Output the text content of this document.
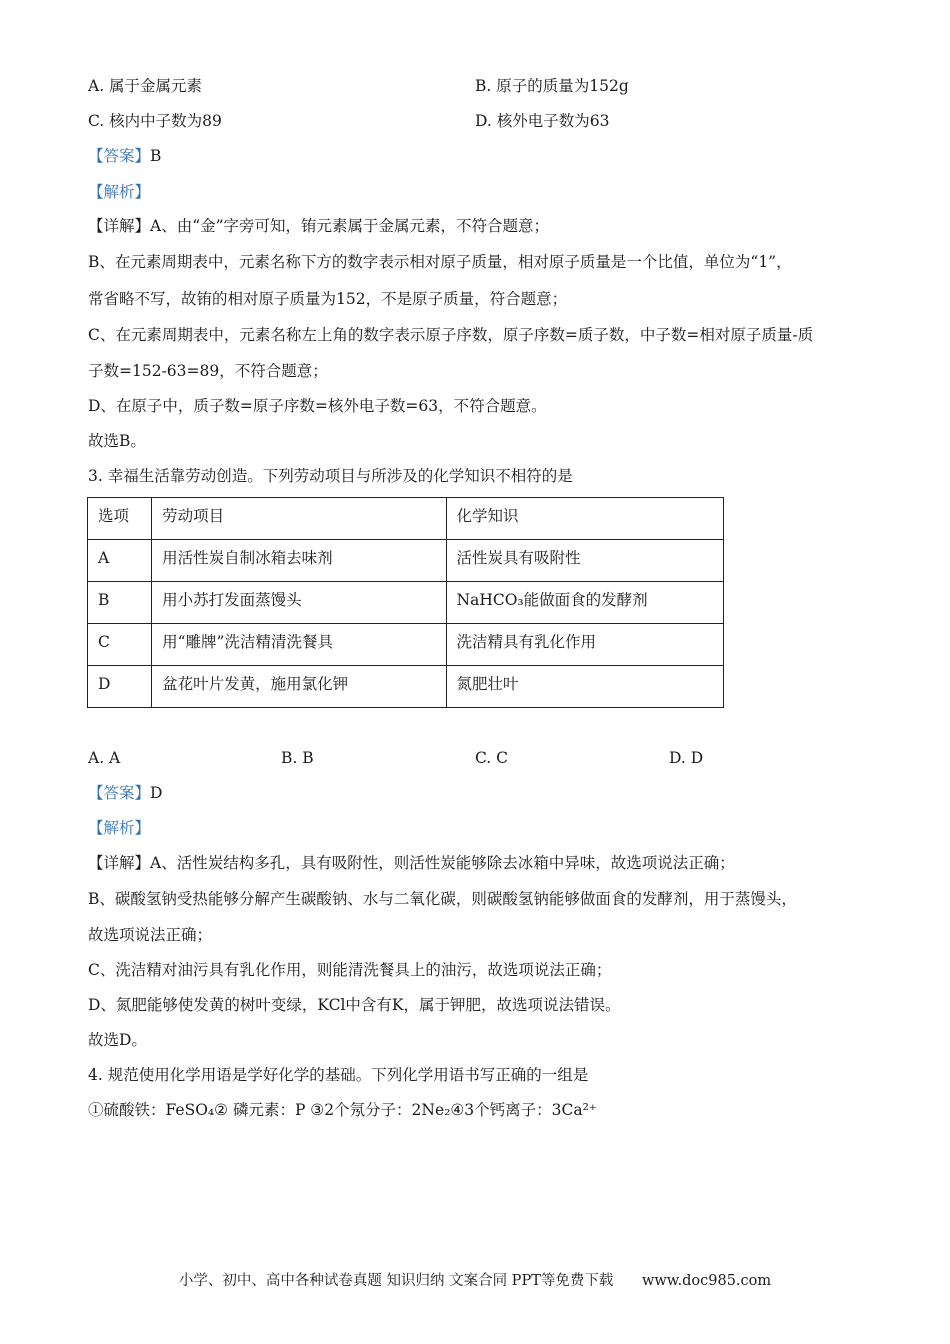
A. 属于金属元素	B. 原子的质量为152g
C. 核内中子数为89	D. 核外电子数为63
【答案】B
【解析】
【详解】A、由“金”字旁可知，铕元素属于金属元素，不符合题意；
B、在元素周期表中，元素名称下方的数字表示相对原子质量，相对原子质量是一个比值，单位为“1”，
常省略不写，故铕的相对原子质量为152，不是原子质量，符合题意；
C、在元素周期表中，元素名称左上角的数字表示原子序数，原子序数=质子数，中子数=相对原子质量-质
子数=152-63=89，不符合题意；
D、在原子中，质子数=原子序数=核外电子数=63，不符合题意。
故选B。
3. 幸福生活靠劳动创造。下列劳动项目与所涉及的化学知识不相符的是
选项	劳动项目	化学知识
A	用活性炭自制冰箱去味剂	活性炭具有吸附性
B	用小苏打发面蒸馒头	NaHCO₃能做面食的发酵剂
C	用“雕牌”洗洁精清洗餐具	洗洁精具有乳化作用
D	盆花叶片发黄，施用氯化钾	氮肥壮叶
A. A	B. B	C. C	D. D
【答案】D
【解析】
【详解】A、活性炭结构多孔，具有吸附性，则活性炭能够除去冰箱中异味，故选项说法正确；
B、碳酸氢钠受热能够分解产生碳酸钠、水与二氧化碳，则碳酸氢钠能够做面食的发酵剂，用于蒸馒头，
故选项说法正确；
C、洗洁精对油污具有乳化作用，则能清洗餐具上的油污，故选项说法正确；
D、氮肥能够使发黄的树叶变绿，KCl中含有K，属于钾肥，故选项说法错误。
故选D。
4. 规范使用化学用语是学好化学的基础。下列化学用语书写正确的一组是
①硫酸铁：FeSO₄② 磷元素：P ③2个氖分子：2Ne₂④3个钙离子：3Ca²⁺
小学、初中、高中各种试卷真题 知识归纳 文案合同 PPT等免费下载 www.doc985.com
